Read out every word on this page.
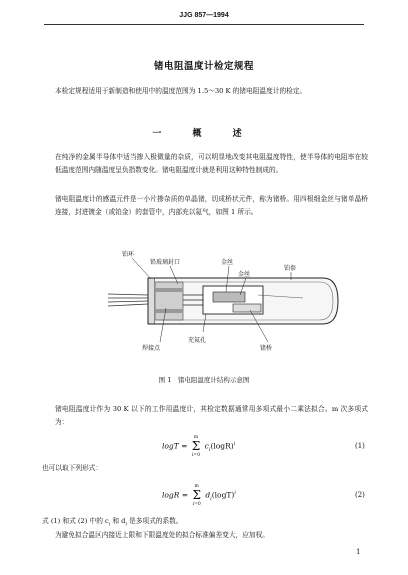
JJG 857—1994
锗电阻温度计检定规程
本检定规程适用于新制造和使用中的温度范围为 1.5～30 K 的锗电阻温度计的检定。
一 概 述
在纯净的金属半导体中适当掺入极微量的杂质，可以明显地改变其电阻温度特性，使半导体的电阻率在较低温度范围内随温度呈负指数变化。锗电阻温度计就是利用这种特性制成的。
锗电阻温度计的感温元件是一小片掺杂质的单晶锗，切成桥状元件，称为锗桥。用四根细金丝与锗单晶桥连接，封进镀金（或铂金）的套管中，内部充以氦气，如图 1 所示。
铂环
铅玻璃封口	金丝
金丝
铂套
焊接点
充氦孔
锗桥
图 1　锗电阻温度计结构示意图
锗电阻温度计作为 30 K 以下的工作用温度计，其检定数据通常用多项式最小二乘法拟合。m 次多项式为：
logT =
m
Σ
i=0
$c_i(\log R)^i$	(1)
也可以取下列形式：
logR =
m
Σ
i=0
$d_i(\log T)^i$	(2)
式 (1) 和式 (2) 中的 $c_i$ 和 $d_i$ 是多项式的系数。
为避免拟合温区内接近上限和下限温度处的拟合标准偏差变大，应加权。
1
